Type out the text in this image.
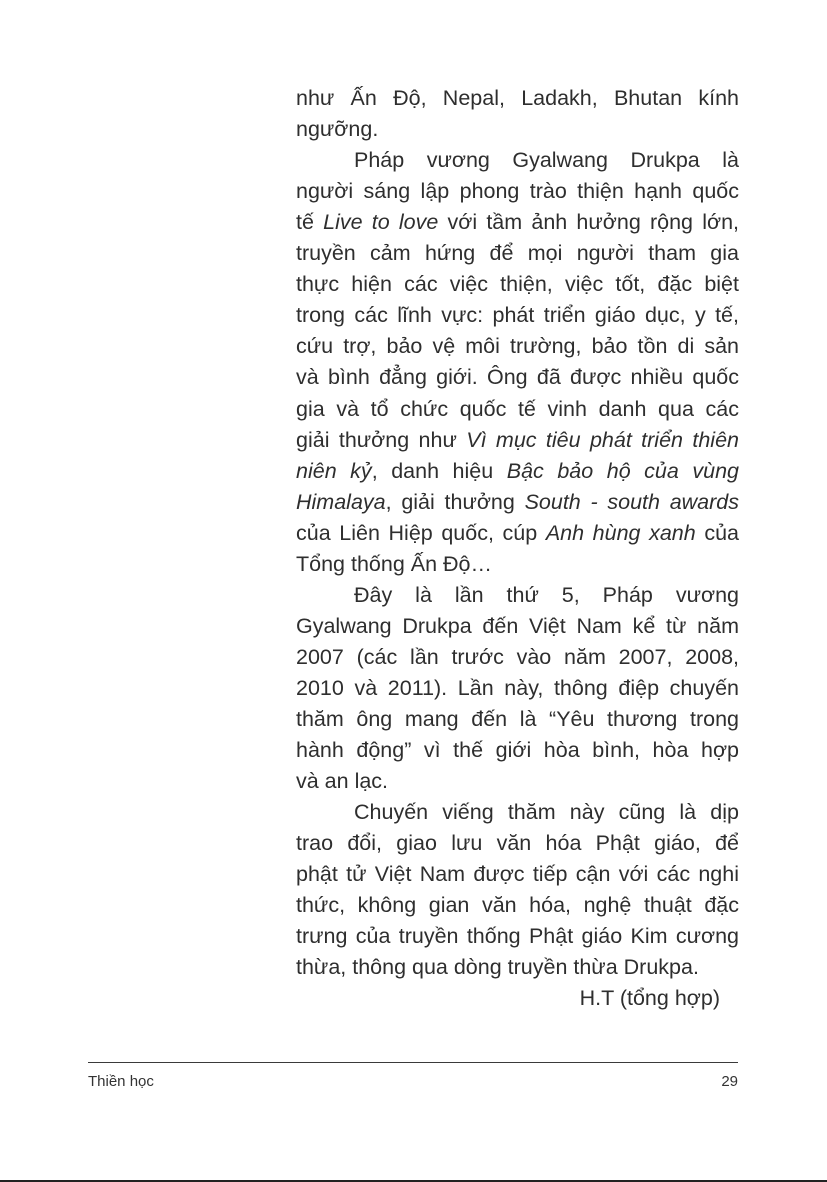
như Ấn Độ, Nepal, Ladakh, Bhutan kính
ngưỡng.
Pháp vương Gyalwang Drukpa là
người sáng lập phong trào thiện hạnh quốc
tế Live to love với tầm ảnh hưởng rộng lớn,
truyền cảm hứng để mọi người tham gia
thực hiện các việc thiện, việc tốt, đặc biệt
trong các lĩnh vực: phát triển giáo dục, y tế,
cứu trợ, bảo vệ môi trường, bảo tồn di sản
và bình đẳng giới. Ông đã được nhiều quốc
gia và tổ chức quốc tế vinh danh qua các
giải thưởng như Vì mục tiêu phát triển thiên
niên kỷ, danh hiệu Bậc bảo hộ của vùng
Himalaya, giải thưởng South - south awards
của Liên Hiệp quốc, cúp Anh hùng xanh của
Tổng thống Ấn Độ…
Đây là lần thứ 5, Pháp vương
Gyalwang Drukpa đến Việt Nam kể từ năm
2007 (các lần trước vào năm 2007, 2008,
2010 và 2011). Lần này, thông điệp chuyến
thăm ông mang đến là “Yêu thương trong
hành động” vì thế giới hòa bình, hòa hợp
và an lạc.
Chuyến viếng thăm này cũng là dịp
trao đổi, giao lưu văn hóa Phật giáo, để
phật tử Việt Nam được tiếp cận với các nghi
thức, không gian văn hóa, nghệ thuật đặc
trưng của truyền thống Phật giáo Kim cương
thừa, thông qua dòng truyền thừa Drukpa.
H.T (tổng hợp)
Thiền học	29
